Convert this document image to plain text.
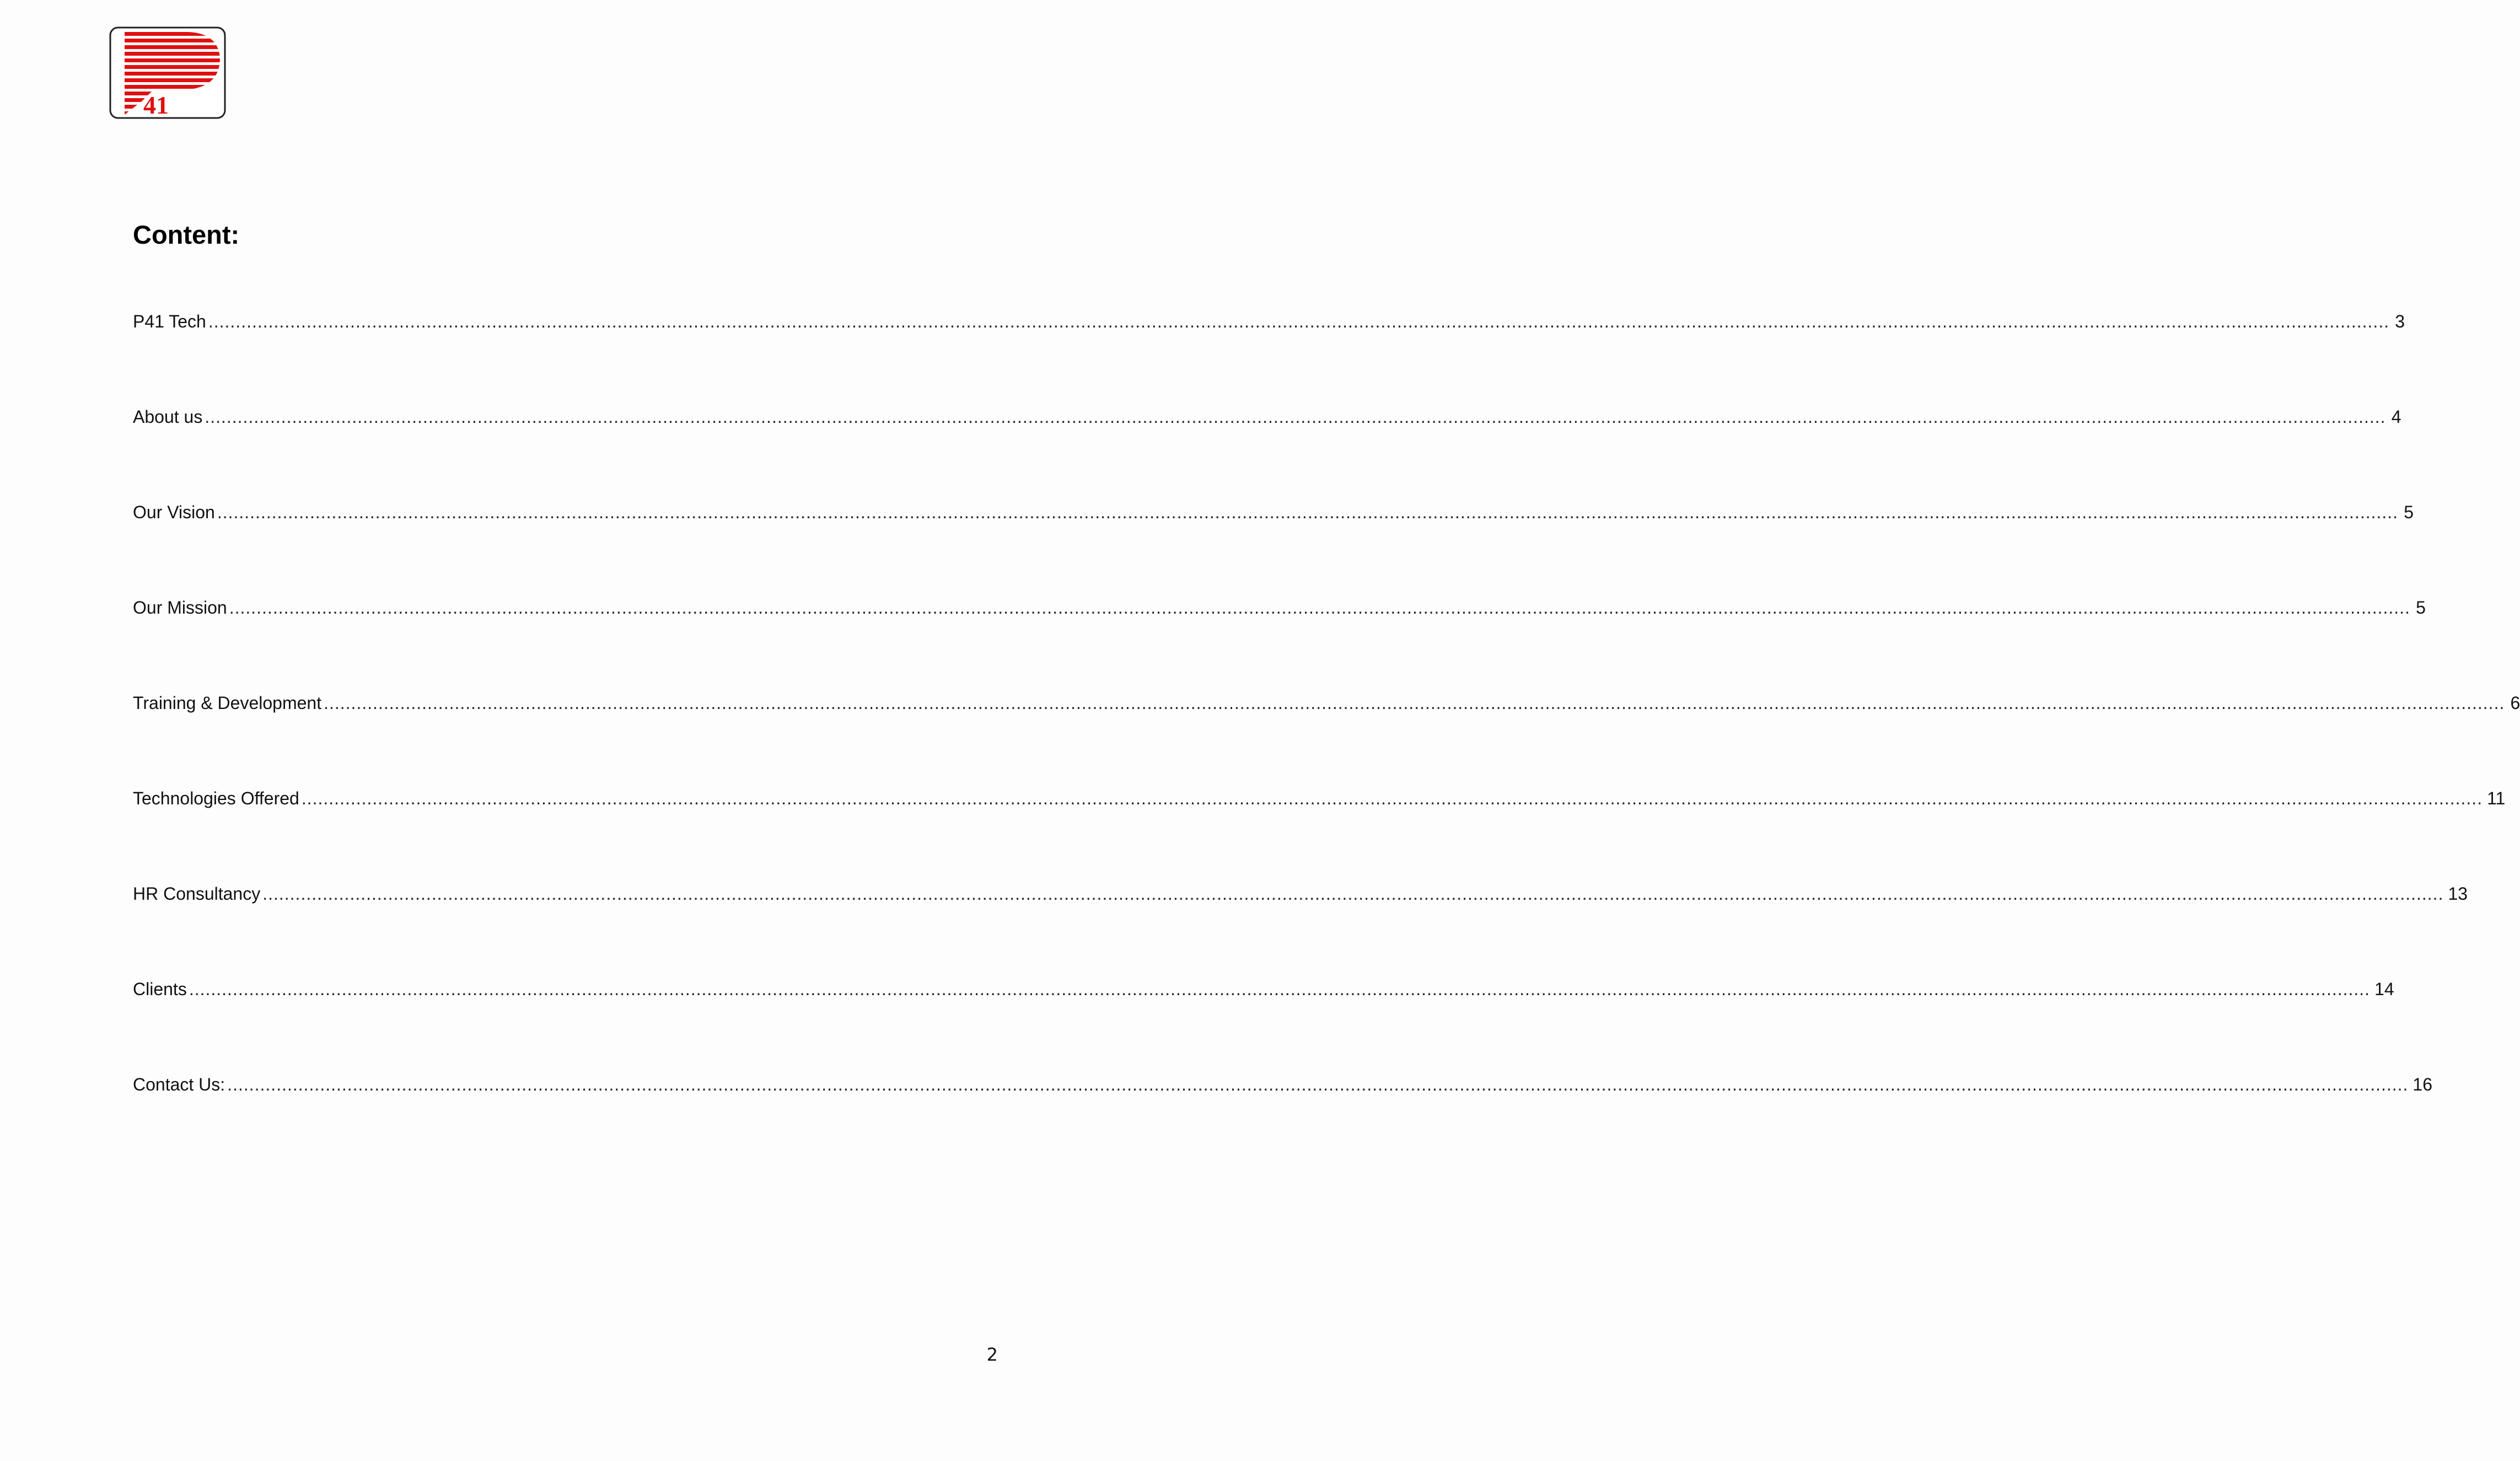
41
Content:
P41 Tech ................................................................................................................................................................................................................................................................................................................................................................................................................ 3
About us ................................................................................................................................................................................................................................................................................................................................................................................................................ 4
Our Vision ................................................................................................................................................................................................................................................................................................................................................................................................................ 5
Our Mission ................................................................................................................................................................................................................................................................................................................................................................................................................ 5
Training & Development ................................................................................................................................................................................................................................................................................................................................................................................................................ 6
Technologies Offered ................................................................................................................................................................................................................................................................................................................................................................................................................ 11
HR Consultancy ................................................................................................................................................................................................................................................................................................................................................................................................................ 13
Clients ................................................................................................................................................................................................................................................................................................................................................................................................................ 14
Contact Us: ................................................................................................................................................................................................................................................................................................................................................................................................................ 16
2
